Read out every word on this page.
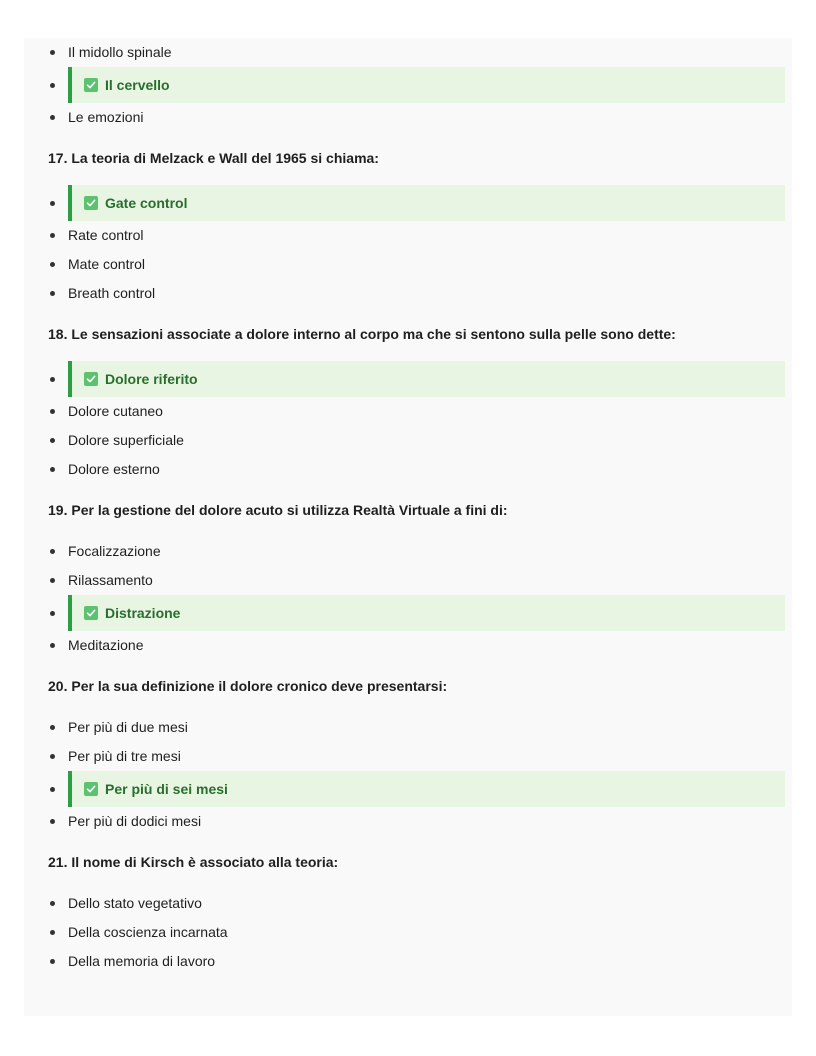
Il midollo spinale
Il cervello
Le emozioni
17. La teoria di Melzack e Wall del 1965 si chiama:
Gate control
Rate control
Mate control
Breath control
18. Le sensazioni associate a dolore interno al corpo ma che si sentono sulla pelle sono dette:
Dolore riferito
Dolore cutaneo
Dolore superficiale
Dolore esterno
19. Per la gestione del dolore acuto si utilizza Realtà Virtuale a fini di:
Focalizzazione
Rilassamento
Distrazione
Meditazione
20. Per la sua definizione il dolore cronico deve presentarsi:
Per più di due mesi
Per più di tre mesi
Per più di sei mesi
Per più di dodici mesi
21. Il nome di Kirsch è associato alla teoria:
Dello stato vegetativo
Della coscienza incarnata
Della memoria di lavoro
